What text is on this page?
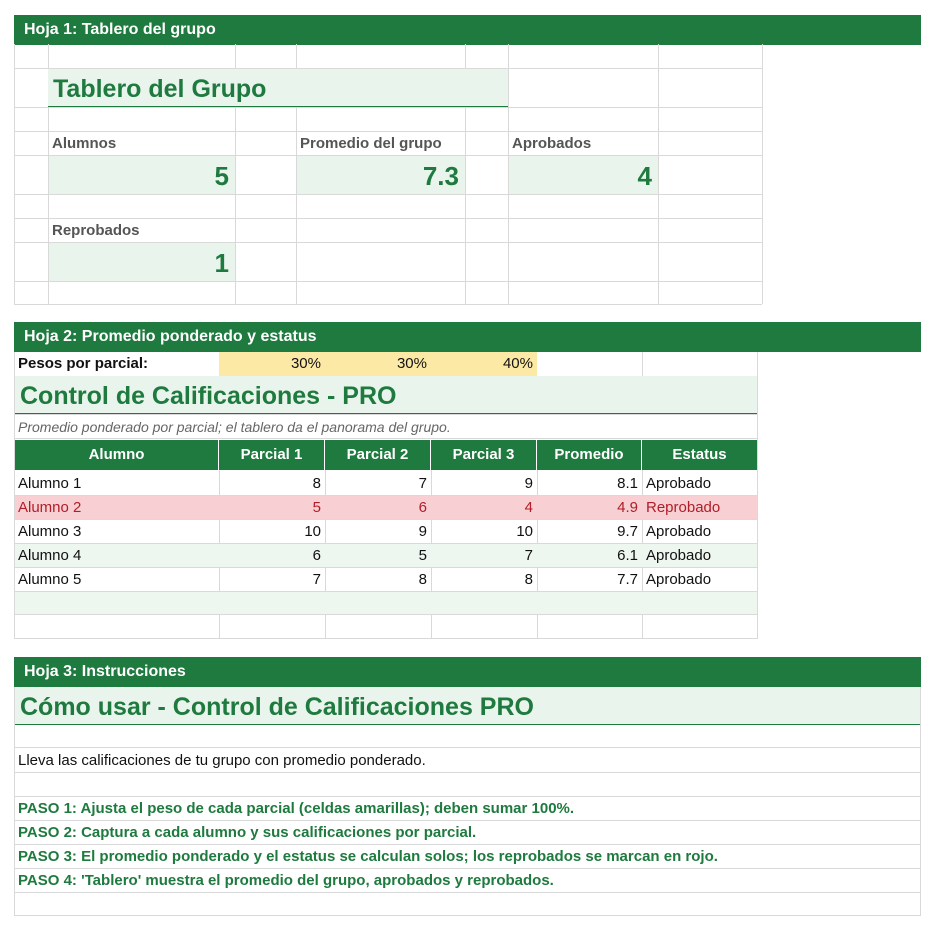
Hoja 1: Tablero del grupo
Tablero del Grupo
Alumnos
5
Promedio del grupo
7.3
Aprobados
4
Reprobados
1
Hoja 2: Promedio ponderado y estatus
Pesos por parcial:	30%	30%	40%
Control de Calificaciones - PRO
Promedio ponderado por parcial; el tablero da el panorama del grupo.
Alumno	Parcial 1	Parcial 2	Parcial 3	Promedio	Estatus
Alumno 1	8	7	9	8.1 Aprobado
Alumno 2	5	6	4	4.9 Reprobado
Alumno 3	10	9	10	9.7 Aprobado
Alumno 4	6	5	7	6.1 Aprobado
Alumno 5	7	8	8	7.7 Aprobado
Hoja 3: Instrucciones
Cómo usar - Control de Calificaciones PRO
Lleva las calificaciones de tu grupo con promedio ponderado.
PASO 1: Ajusta el peso de cada parcial (celdas amarillas); deben sumar 100%.
PASO 2: Captura a cada alumno y sus calificaciones por parcial.
PASO 3: El promedio ponderado y el estatus se calculan solos; los reprobados se marcan en rojo.
PASO 4: 'Tablero' muestra el promedio del grupo, aprobados y reprobados.
